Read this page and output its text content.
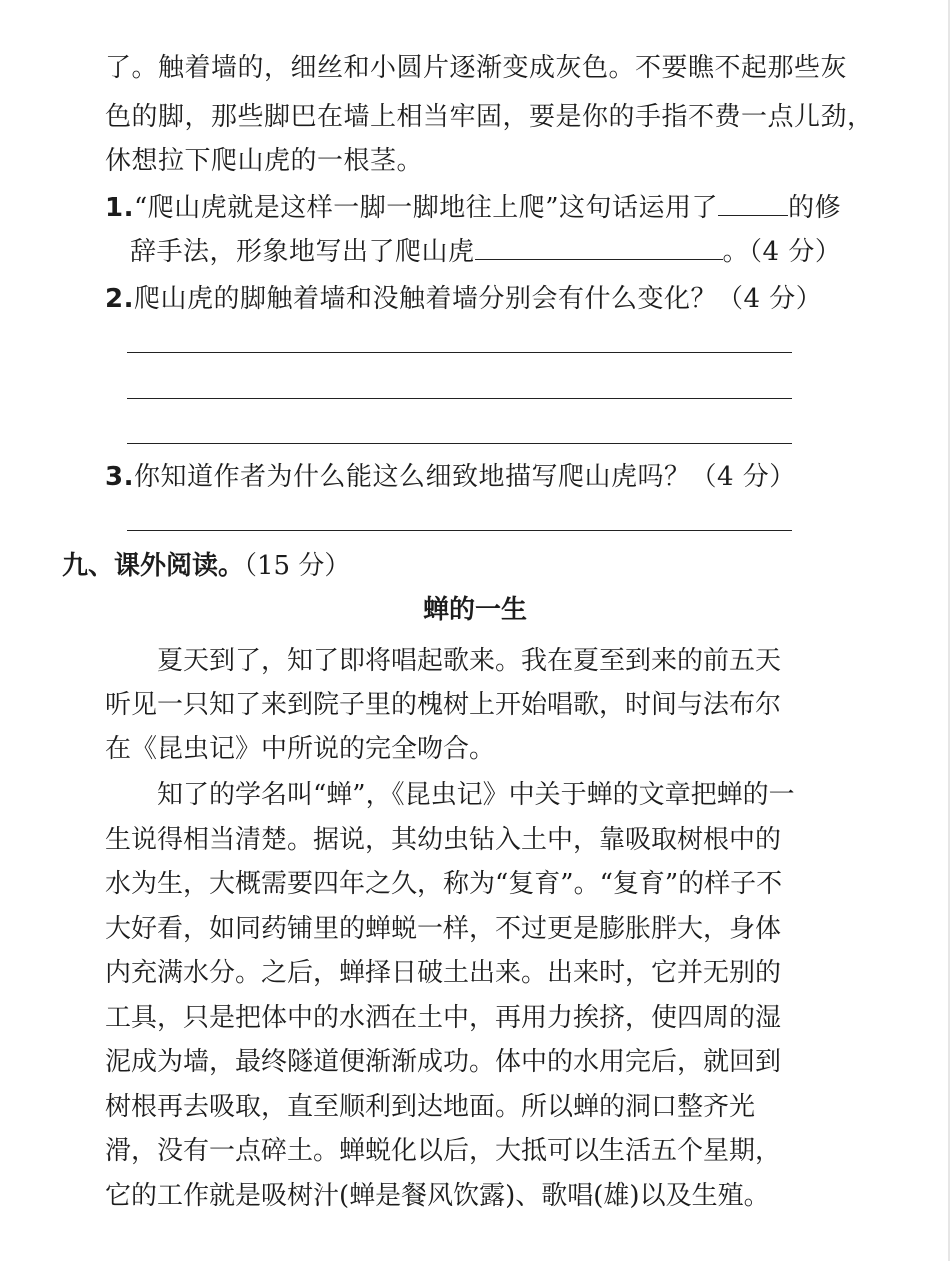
了。触着墙的，细丝和小圆片逐渐变成灰色。不要瞧不起那些灰
色的脚，那些脚巴在墙上相当牢固，要是你的手指不费一点儿劲，
休想拉下爬山虎的一根茎。
1.“爬山虎就是这样一脚一脚地往上爬”这句话运用了	的修
辞手法，形象地写出了爬山虎	。（4 分）
2.爬山虎的脚触着墙和没触着墙分别会有什么变化？（4 分）
3.你知道作者为什么能这么细致地描写爬山虎吗？（4 分）
九、课外阅读。（15 分）
蝉的一生
夏天到了，知了即将唱起歌来。我在夏至到来的前五天听见一只知了来到院子里的槐树上开始唱歌，时间与法布尔在《昆虫记》中所说的完全吻合。
知了的学名叫“蝉”，《昆虫记》中关于蝉的文章把蝉的一生说得相当清楚。据说，其幼虫钻入土中，靠吸取树根中的水为生，大概需要四年之久，称为“复育”。“复育”的样子不大好看，如同药铺里的蝉蜕一样，不过更是膨胀胖大，身体内充满水分。之后，蝉择日破土出来。出来时，它并无别的工具，只是把体中的水洒在土中，再用力挨挤，使四周的湿泥成为墙，最终隧道便渐渐成功。体中的水用完后，就回到树根再去吸取，直至顺利到达地面。所以蝉的洞口整齐光滑，没有一点碎土。蝉蜕化以后，大抵可以生活五个星期，它的工作就是吸树汁(蝉是餐风饮露)、歌唱(雄)以及生殖。
